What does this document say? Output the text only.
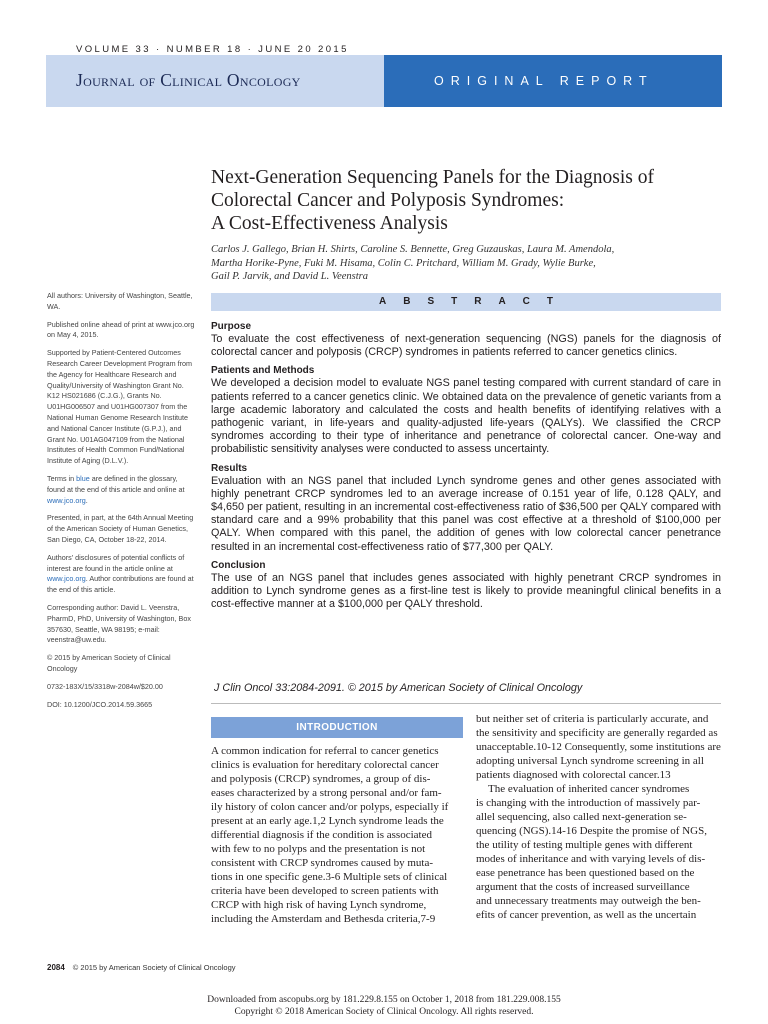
VOLUME 33 · NUMBER 18 · JUNE 20 2015
Journal of Clinical Oncology	ORIGINAL REPORT
Next-Generation Sequencing Panels for the Diagnosis of
Colorectal Cancer and Polyposis Syndromes:
A Cost-Effectiveness Analysis
Carlos J. Gallego, Brian H. Shirts, Caroline S. Bennette, Greg Guzauskas, Laura M. Amendola,
Martha Horike-Pyne, Fuki M. Hisama, Colin C. Pritchard, William M. Grady, Wylie Burke,
Gail P. Jarvik, and David L. Veenstra

All authors: University of Washington, Seattle, WA.

Published online ahead of print at www.jco.org on May 4, 2015.

Supported by Patient-Centered Outcomes Research Career Development Program from the Agency for Healthcare Research and Quality/University of Washington Grant No. K12 HS021686 (C.J.G.), Grants No. U01HG006507 and U01HG007307 from the National Human Genome Research Institute and National Cancer Institute (G.P.J.), and Grant No. U01AG047109 from the National Institutes of Health Common Fund/National Institute of Aging (D.L.V.).

Terms in blue are defined in the glossary, found at the end of this article and online at www.jco.org.

Presented, in part, at the 64th Annual Meeting of the American Society of Human Genetics, San Diego, CA, October 18-22, 2014.

Authors' disclosures of potential conflicts of interest are found in the article online at www.jco.org. Author contributions are found at the end of this article.

Corresponding author: David L. Veenstra, PharmD, PhD, University of Washington, Box 357630, Seattle, WA 98195; e-mail: veenstra@uw.edu.

© 2015 by American Society of Clinical Oncology

0732-183X/15/3318w-2084w/$20.00

DOI: 10.1200/JCO.2014.59.3665

ABSTRACT
Purpose

To evaluate the cost effectiveness of next-generation sequencing (NGS) panels for the diagnosis of colorectal cancer and polyposis (CRCP) syndromes in patients referred to cancer genetics clinics.

Patients and Methods

We developed a decision model to evaluate NGS panel testing compared with current standard of care in patients referred to a cancer genetics clinic. We obtained data on the prevalence of genetic variants from a large academic laboratory and calculated the costs and health benefits of identifying relatives with a pathogenic variant, in life-years and quality-adjusted life-years (QALYs). We classified the CRCP syndromes according to their type of inheritance and penetrance of colorectal cancer. One-way and probabilistic sensitivity analyses were conducted to assess uncertainty.

Results

Evaluation with an NGS panel that included Lynch syndrome genes and other genes associated with highly penetrant CRCP syndromes led to an average increase of 0.151 year of life, 0.128 QALY, and $4,650 per patient, resulting in an incremental cost-effectiveness ratio of $36,500 per QALY compared with standard care and a 99% probability that this panel was cost effective at a threshold of $100,000 per QALY. When compared with this panel, the addition of genes with low colorectal cancer penetrance resulted in an incremental cost-effectiveness ratio of $77,300 per QALY.

Conclusion

The use of an NGS panel that includes genes associated with highly penetrant CRCP syndromes in addition to Lynch syndrome genes as a first-line test is likely to provide meaningful clinical benefits in a cost-effective manner at a $100,000 per QALY threshold.

J Clin Oncol 33:2084-2091. © 2015 by American Society of Clinical Oncology
INTRODUCTION
A common indication for referral to cancer genetics
clinics is evaluation for hereditary colorectal cancer
and polyposis (CRCP) syndromes, a group of dis-
eases characterized by a strong personal and/or fam-
ily history of colon cancer and/or polyps, especially if
present at an early age.1,2 Lynch syndrome leads the
differential diagnosis if the condition is associated
with few to no polyps and the presentation is not
consistent with CRCP syndromes caused by muta-
tions in one specific gene.3-6 Multiple sets of clinical
criteria have been developed to screen patients with
CRCP with high risk of having Lynch syndrome,
including the Amsterdam and Bethesda criteria,7-9
but neither set of criteria is particularly accurate, and
the sensitivity and specificity are generally regarded as
unacceptable.10-12 Consequently, some institutions are
adopting universal Lynch syndrome screening in all
patients diagnosed with colorectal cancer.13
The evaluation of inherited cancer syndromes
is changing with the introduction of massively par-
allel sequencing, also called next-generation se-
quencing (NGS).14-16 Despite the promise of NGS,
the utility of testing multiple genes with different
modes of inheritance and with varying levels of dis-
ease penetrance has been questioned based on the
argument that the costs of increased surveillance
and unnecessary treatments may outweigh the ben-
efits of cancer prevention, as well as the uncertain
2084 © 2015 by American Society of Clinical Oncology
Downloaded from ascopubs.org by 181.229.8.155 on October 1, 2018 from 181.229.008.155
Copyright © 2018 American Society of Clinical Oncology. All rights reserved.
